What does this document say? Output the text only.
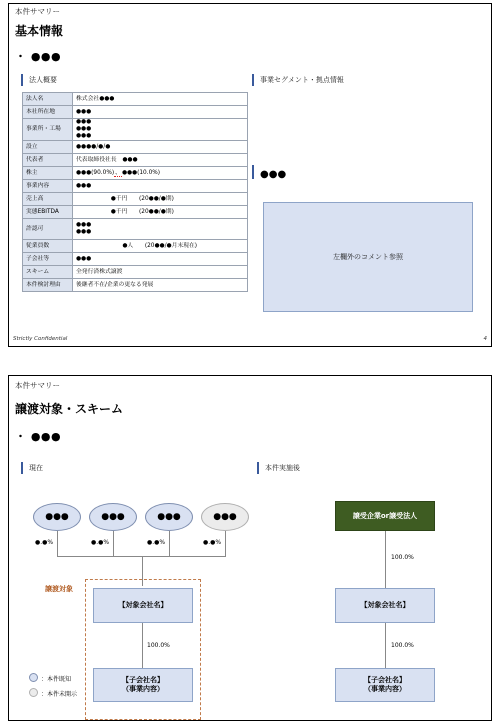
本件サマリー
基本情報
・ ●●●
法人概要	事業セグメント・拠点情報
法人名	株式会社●●●
本社所在地	●●●
事業所・工場	●●●
●●●
●●●
設立	●●●●/●/●
代表者	代表取締役社長　●●●
株主	●●●(90.0%)、●●●(10.0%)
事業内容	●●●
売上高	　　　　　　●千円　　(20●●/●期)
実態EBITDA	　　　　　　●千円　　(20●●/●期)
許認可	●●●
●●●
従業員数	　　　　　　　　●人　　(20●●/●月末現在)
子会社等	●●●
スキーム	全発行済株式譲渡
本件検討理由	後継者不在/企業の更なる発展
●●●
左欄外のコメント参照
Strictly Confidential	4
本件サマリー
譲渡対象・スキーム
・ ●●●
現在	本件実施後
●●●	●●●	●●●	●●●
●.●%	●.●%	●.●%	●.●%
譲渡対象
【対象会社名】
100.0%
【子会社名】
（事業内容）
：本件既知
：本件未開示
譲受企業or譲受法人
100.0%
【対象会社名】
100.0%
【子会社名】
（事業内容）
